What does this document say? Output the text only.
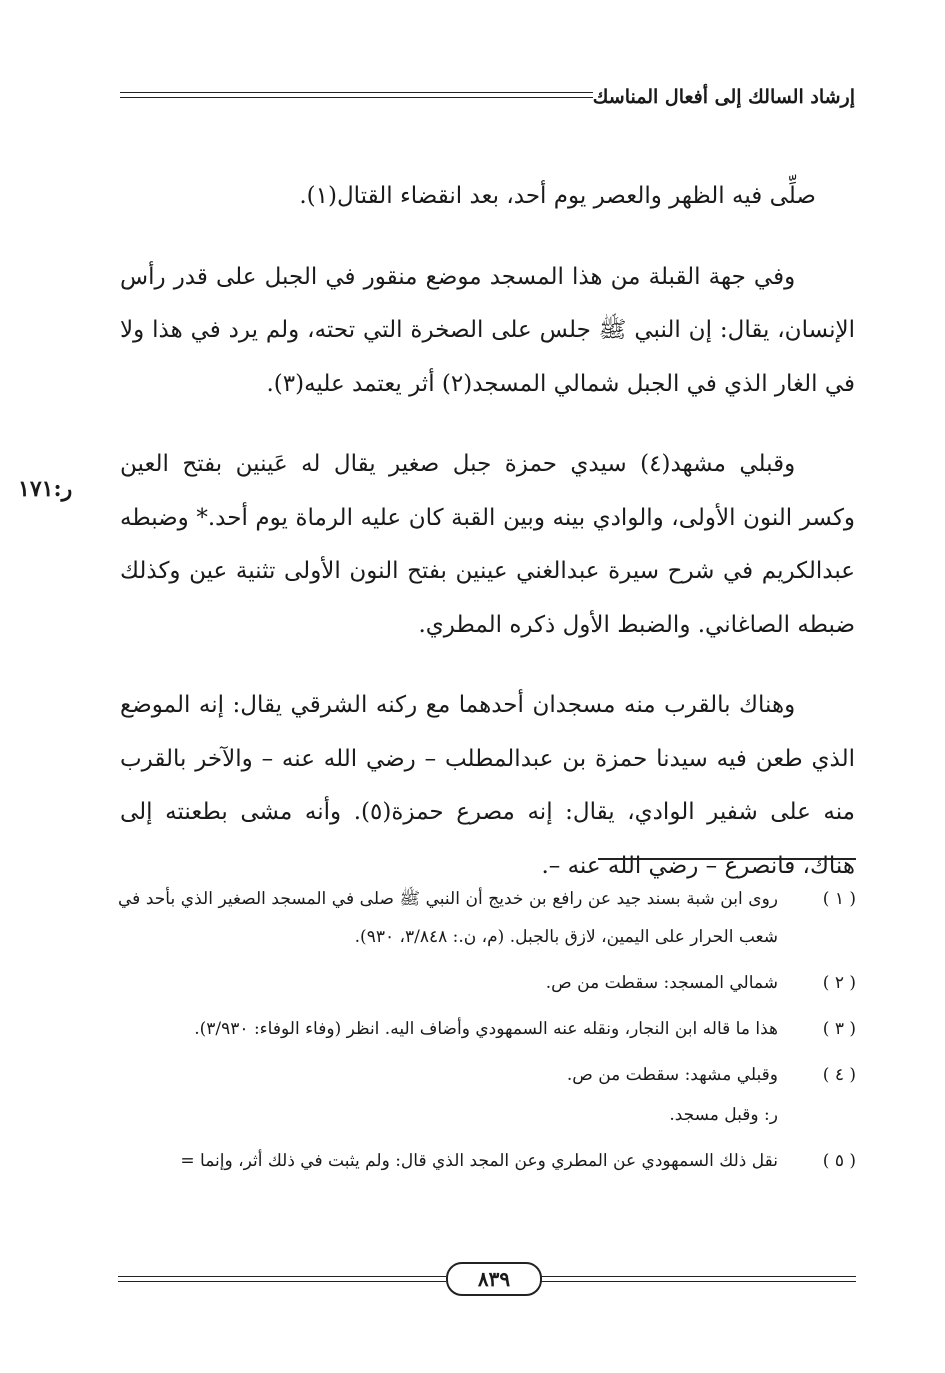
إرشاد السالك إلى أفعال المناسك

صلِّى فيه الظهر والعصر يوم أحد، بعد انقضاء القتال(١).

وفي جهة القبلة من هذا المسجد موضع منقور في الجبل على قدر رأس الإنسان، يقال: إن النبي ﷺ جلس على الصخرة التي تحته، ولم يرد في هذا ولا في الغار الذي في الجبل شمالي المسجد(٢) أثر يعتمد عليه(٣).

وقبلي مشهد(٤) سيدي حمزة جبل صغير يقال له عَينين بفتح العين وكسر النون الأولى، والوادي بينه وبين القبة كان عليه الرماة يوم أحد.* وضبطه عبدالكريم في شرح سيرة عبدالغني عينين بفتح النون الأولى تثنية عين وكذلك ضبطه الصاغاني. والضبط الأول ذكره المطري.

وهناك بالقرب منه مسجدان أحدهما مع ركنه الشرقي يقال: إنه الموضع الذي طعن فيه سيدنا حمزة بن عبدالمطلب – رضي الله عنه – والآخر بالقرب منه على شفير الوادي، يقال: إنه مصرع حمزة(٥). وأنه مشى بطعنته إلى هناك، فانصرع – رضي الله عنه –.

ر:١٧١
( ١ )
روى ابن شبة بسند جيد عن رافع بن خديج أن النبي ﷺ صلى في المسجد الصغير الذي بأحد في شعب الحرار على اليمين، لازق بالجبل. (م، ن.: ٣/٨٤٨، ٩٣٠).
( ٢ )
شمالي المسجد: سقطت من ص.
( ٣ )
هذا ما قاله ابن النجار، ونقله عنه السمهودي وأضاف اليه. انظر (وفاء الوفاء: ٣/٩٣٠).
( ٤ )
وقبلي مشهد: سقطت من ص.
ر: وقبل مسجد.
( ٥ )
نقل ذلك السمهودي عن المطري وعن المجد الذي قال: ولم يثبت في ذلك أثر، وإنما =
٨٣٩
